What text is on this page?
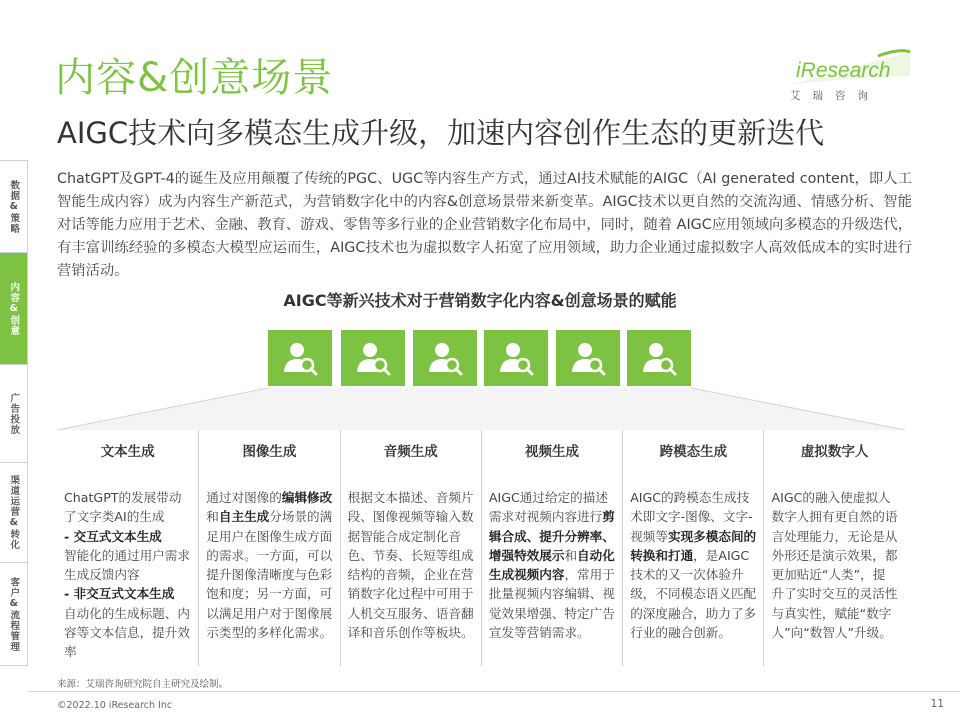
数据&策略
内容&创意
广告投放
渠道运营&转化
客户&流程管理
内容&创意场景
AIGC技术向多模态生成升级，加速内容创作生态的更新迭代
iResearch
艾瑞咨询
ChatGPT及GPT-4的诞生及应用颠覆了传统的PGC、UGC等内容生产方式，通过AI技术赋能的AIGC（AI generated content，即人工智能生成内容）成为内容生产新范式，为营销数字化中的内容&创意场景带来新变革。AIGC技术以更自然的交流沟通、情感分析、智能对话等能力应用于艺术、金融、教育、游戏、零售等多行业的企业营销数字化布局中，同时，随着 AIGC应用领域向多模态的升级迭代，有丰富训练经验的多模态大模型应运而生，AIGC技术也为虚拟数字人拓宽了应用领域，助力企业通过虚拟数字人高效低成本的实时进行营销活动。
AIGC等新兴技术对于营销数字化内容&创意场景的赋能
文本生成
ChatGPT的发展带动了文字类AI的生成
- 交互式文本生成
智能化的通过用户需求生成反馈内容
- 非交互式文本生成
自动化的生成标题、内容等文本信息，提升效率
图像生成
通过对图像的编辑修改和自主生成分场景的满足用户在图像生成方面的需求。一方面，可以提升图像清晰度与色彩饱和度；另一方面，可以满足用户对于图像展示类型的多样化需求。
音频生成
根据文本描述、音频片段、图像视频等输入数据智能合成定制化音色、节奏、长短等组成结构的音频，企业在营销数字化过程中可用于人机交互服务、语音翻译和音乐创作等板块。
视频生成
AIGC通过给定的描述需求对视频内容进行剪辑合成、提升分辨率、增强特效展示和自动化生成视频内容，常用于批量视频内容编辑、视觉效果增强、特定广告宣发等营销需求。
跨模态生成
AIGC的跨模态生成技术即文字-图像、文字-视频等实现多模态间的转换和打通，是AIGC技术的又一次体验升级，不同模态语义匹配的深度融合，助力了多行业的融合创新。
虚拟数字人
AIGC的融入使虚拟人数字人拥有更自然的语言处理能力，无论是从外形还是演示效果，都更加贴近“人类”，提升了实时交互的灵活性与真实性，赋能“数字人”向“数智人”升级。
来源：艾瑞咨询研究院自主研究及绘制。
©2022.10 iResearch Inc	11
